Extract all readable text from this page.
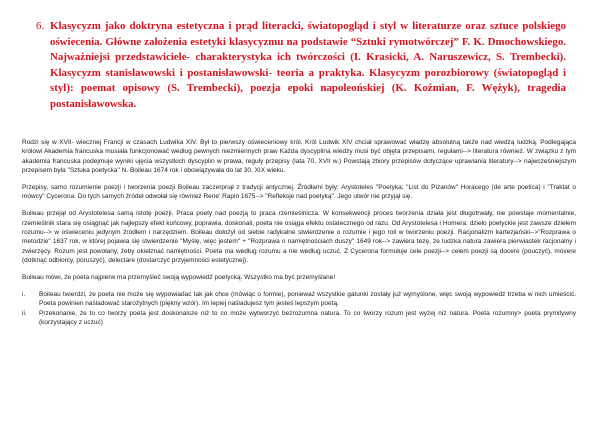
6. Klasycyzm jako doktryna estetyczna i prąd literacki, światopogląd i styl w literaturze oraz sztuce polskiego oświecenia. Główne założenia estetyki klasycyzmu na podstawie “Sztuki rymotwórczej” F. K. Dmochowskiego. Najważniejsi przedstawiciele- charakterystyka ich twórczości (I. Krasicki, A. Naruszewicz, S. Trembecki). Klasycyzm stanisławowski i postanisławowski- teoria a praktyka. Klasycyzm porozbiorowy (światopogląd i styl): poemat opisowy (S. Trembecki), poezja epoki napoleońskiej (K. Koźmian, F. Wężyk), tragedia postanisławowska.

Rodzi się w XVII- wiecznej Francji w czasach Ludwika XIV. Był to pierwszy oświeceniowy król. Król Ludwik XIV chciał sprawować władzę absolutną także nad wiedzą ludzką. Podlegająca królowi Akademia francuska musiała funkcjonować według pewnych niezmiennych praw Każda dyscyplina wiedzy musi być objęta przepisami, regułami--> literatura również. W związku z tym akademia francuska podejmuje wyniki ujęcia wszystkich dyscyplin w prawa, reguły przepisy (lata 70. XVII w.) Powstają zbiory przepisów dotyczące uprawiania literatury--> najwcześniejszym przepisem była "Sztuka poetycka" N. Boileau 1674 rok i obowiązywała do lat 30. XIX wieku.

Przepisy, samo rozumienie poezji i tworzenia poezji Boileau zaczerpnął z tradycji antycznej. Źródłami były: Arystoteles "Poetyka; "List do Pizanów" Horacego (de arte poetica) i "Traktat o mówcy" Cycerona. Do tych samych źródeł odwołał się również Rene' Rapin 1675--> "Refleksje nad poetyką". Jego utwór nie przyjął się.

Boileau przejął od Arystotelesa samą istotę poezji. Praca poety nad poezją to praca rzemieślnicza. W konsekwencji proces tworzenia działa jest długotrwały, nie powstaje momentalnie, rzemieślnik stara się osiągnąć jak najlepszy efekt końcowy, poprawia, doskonali, poeta nie osiąga efektu ostatecznego od razu. Od Arystotelesa i Homera: dzieło poetyckie jest zawsze dziełem rozumu--> w oświeceniu jedynym źródłem i narzędziem. Boileau dołożył od siebie radykalne stwierdzenie o rozumie i jego roli w tworzeniu poezji. Racjonalizm kartezjański-->"Rozprawa o metodzie" 1637 rok, w której pojawia się stwierdzenie "Myślę, więc jestem" + "Rozprawa o namiętnościach duszy" 1649 rok--> zawiera tezę, że ludzka natura zawiera pierwiastek racjonalny i zwierzęcy. Rozum jest powołany, żeby okiełznać namiętności. Poeta ma według rozumu a nie według uczuć. Z Cycerona formułuje cele poezji--> celem poezji są docere (pouczyć), movere (dotknąć odbiorcy, poruszyć), delectare (dostarczyć przyjemności estetycznej).

Boileau mówi, że poeta najpierw ma przemyśleć swoją wypowiedź poetycką. Wszystko ma być przemyślane!

i. Boileau twierdzi, że poeta nie może się wypowiadać tak jak chce (mówiąc o formie), ponieważ wszystkie gatunki zostały już wymyślone, więc swoją wypowiedź trzeba w nich umieścić. Poeta powinien naśladować starożytnych (piękny wzór). Im lepiej naśladujesz tym jesteś lepszym poetą.
ii. Przekonanie, że to co tworzy poeta jest doskonalsze niż to co może wytworzyć bezrozumna natura. To co tworzy rozum jest wyżej niż natura. Poeta rozumny> poeta prymitywny (korzystający z uczuć)
